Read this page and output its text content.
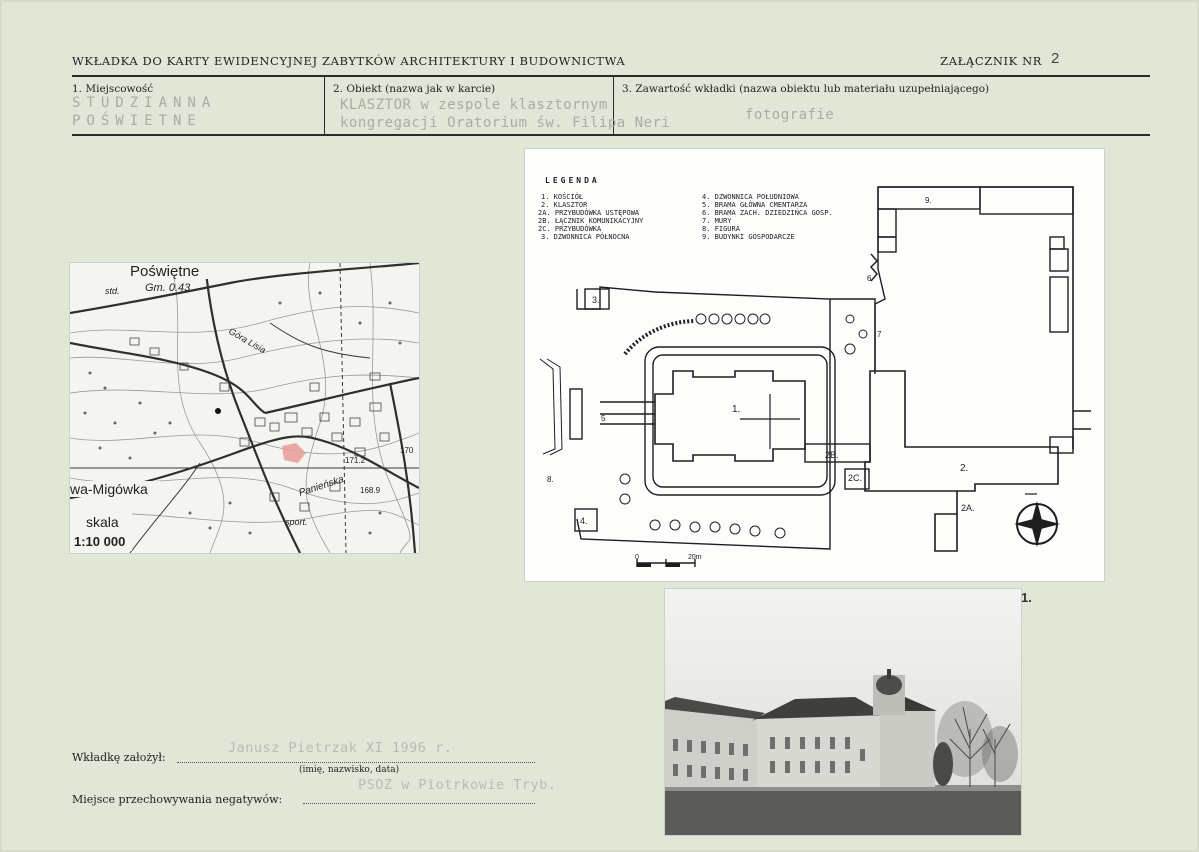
WKŁADKA DO KARTY EWIDENCYJNEJ ZABYTKÓW ARCHITEKTURY I BUDOWNICTWA	ZAŁĄCZNIK NR 2
1. Miejscowość
STUDZIANNA
POŚWIETNE
2. Obiekt (nazwa jak w karcie)
KLASZTOR w zespole klasztornym
kongregacji Oratorium św. Filipa Neri
3. Zawartość wkładki (nazwa obiektu lub materiału uzupełniającego)
fotografie
Poświętne
Gm. 0.43
std.
Góra Lisia
Panieńska
171.2
170
168.9
sport.
wa-Migówka
skala
1:10 000
LEGENDA
1. KOŚCIÓŁ
2. KLASZTOR
2A. PRZYBUDÓWKA USTĘPOWA
2B. ŁĄCZNIK KOMUNIKACYJNY
2C. PRZYBUDÓWKA
3. DZWONNICA PÓŁNOCNA
4. DZWONNICA POŁUDNIOWA
5. BRAMA GŁÓWNA CMENTARZA
6. BRAMA ZACH. DZIEDZIŃCA GOSP.
7. MURY
8. FIGURA
9. BUDYNKI GOSPODARCZE
1.
2.
2A.
2B.
2C.
3.
4.
5
6
7
8.
9.
0	20m
1.
Wkładkę założył:
Janusz Pietrzak XI 1996 r.
(imię, nazwisko, data)
Miejsce przechowywania negatywów:
PSOZ w Piotrkowie Tryb.
